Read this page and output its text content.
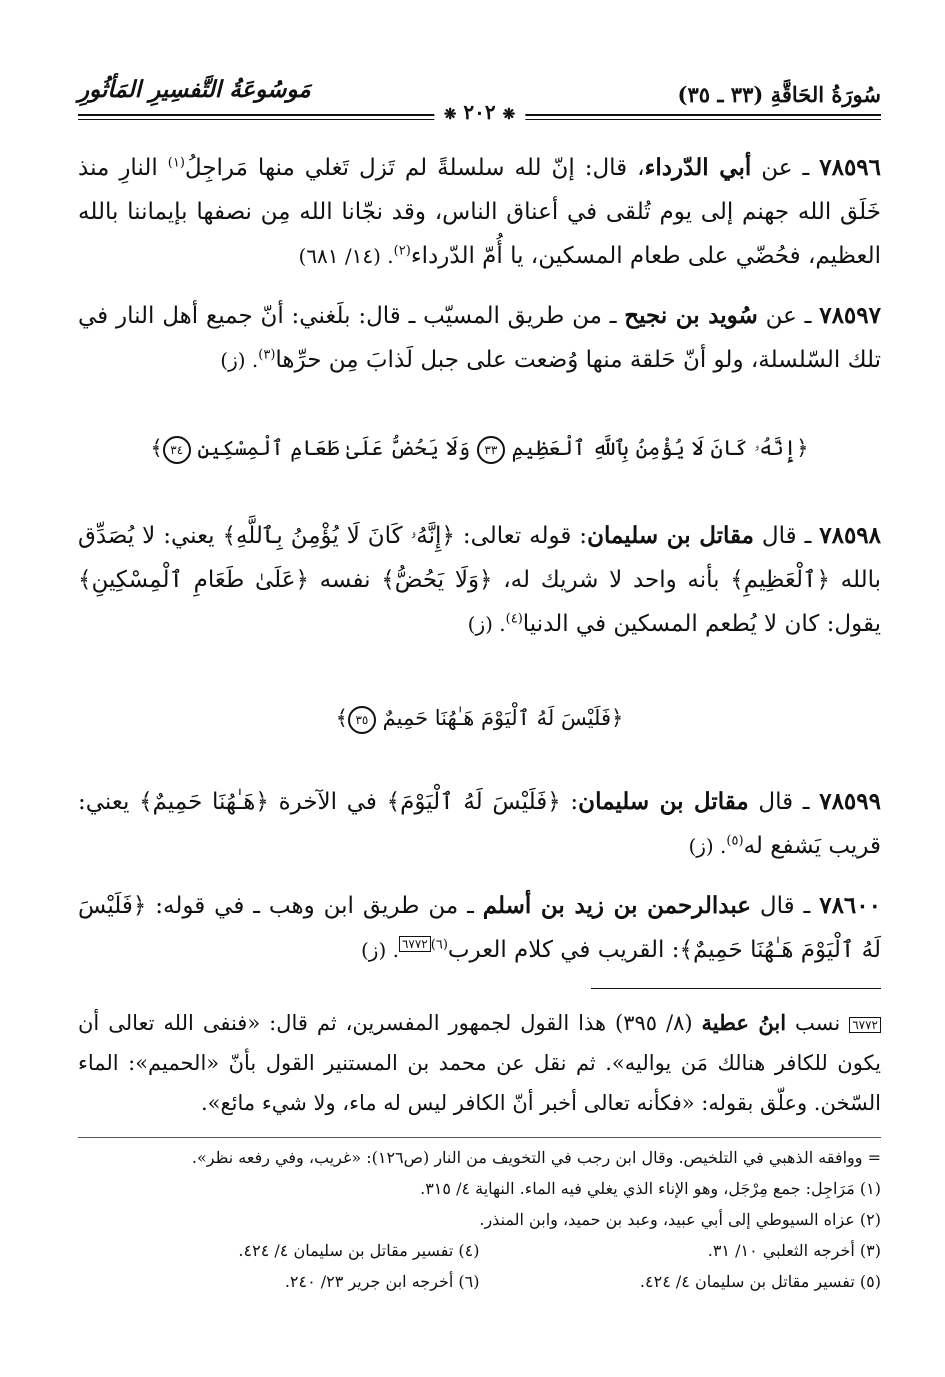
سُورَةُ الحَاقَّةِ (٣٣ ـ ٣٥)
مَوسُوعَةُ التَّفسِيرِ المَأثُورِ
❋ ٢٠٢ ❋

٧٨٥٩٦ ـ عن أبي الدّرداء، قال: إنّ لله سلسلةً لم تَزل تَغلي منها مَراجِلُ$^{(١)}$ النارِ منذ خَلَق الله جهنم إلى يوم تُلقى في أعناق الناس، وقد نجّانا الله مِن نصفها بإيماننا بالله العظيم، فحُضّي على طعام المسكين، يا أُمّ الدّرداء$^{(٢)}$. (١٤/ ٦٨١)

٧٨٥٩٧ ـ عن سُويد بن نجيح ـ من طريق المسيّب ـ قال: بلَغني: أنّ جميع أهل النار في تلك السّلسلة، ولو أنّ حَلقة منها وُضعت على جبل لَذابَ مِن حرِّها$^{(٣)}$. (ز)

﴿إِنَّهُۥ كَانَ لَا يُؤْمِنُ بِٱللَّهِ ٱلْعَظِيمِ ٣٣ وَلَا يَحُضُّ عَلَىٰ طَعَامِ ٱلْمِسْكِينِ ٣٤﴾

٧٨٥٩٨ ـ قال مقاتل بن سليمان: قوله تعالى: ﴿إِنَّهُۥ كَانَ لَا يُؤْمِنُ بِٱللَّهِ﴾ يعني: لا يُصَدِّق بالله ﴿ٱلْعَظِيمِ﴾ بأنه واحد لا شريك له، ﴿وَلَا يَحُضُّ﴾ نفسه ﴿عَلَىٰ طَعَامِ ٱلْمِسْكِينِ﴾ يقول: كان لا يُطعم المسكين في الدنيا$^{(٤)}$. (ز)

﴿فَلَيْسَ لَهُ ٱلْيَوْمَ هَـٰهُنَا حَمِيمٌ ٣٥﴾

٧٨٥٩٩ ـ قال مقاتل بن سليمان: ﴿فَلَيْسَ لَهُ ٱلْيَوْمَ﴾ في الآخرة ﴿هَـٰهُنَا حَمِيمٌ﴾ يعني: قريب يَشفع له$^{(٥)}$. (ز)

٧٨٦٠٠ ـ قال عبدالرحمن بن زيد بن أسلم ـ من طريق ابن وهب ـ في قوله: ﴿فَلَيْسَ لَهُ ٱلْيَوْمَ هَـٰهُنَا حَمِيمٌ﴾: القريب في كلام العرب$^{(٦)٦٧٧٢}$. (ز)

٦٧٧٢ نسب ابنُ عطية (٨/ ٣٩٥) هذا القول لجمهور المفسرين، ثم قال: «فنفى الله تعالى أن يكون للكافر هنالك مَن يواليه». ثم نقل عن محمد بن المستنير القول بأنّ «الحميم»: الماء السّخن. وعلّق بقوله: «فكأنه تعالى أخبر أنّ الكافر ليس له ماء، ولا شيء مائع».

= ووافقه الذهبي في التلخيص. وقال ابن رجب في التخويف من النار (ص١٢٦): «غريب، وفي رفعه نظر».

(١) مَرَاجِل: جمع مِرْجَل، وهو الإناء الذي يغلي فيه الماء. النهاية ٤/ ٣١٥.

(٢) عزاه السيوطي إلى أبي عبيد، وعبد بن حميد، وابن المنذر.

(٣) أخرجه الثعلبي ١٠/ ٣١.
(٤) تفسير مقاتل بن سليمان ٤/ ٤٢٤.
(٥) تفسير مقاتل بن سليمان ٤/ ٤٢٤.
(٦) أخرجه ابن جرير ٢٣/ ٢٤٠.
